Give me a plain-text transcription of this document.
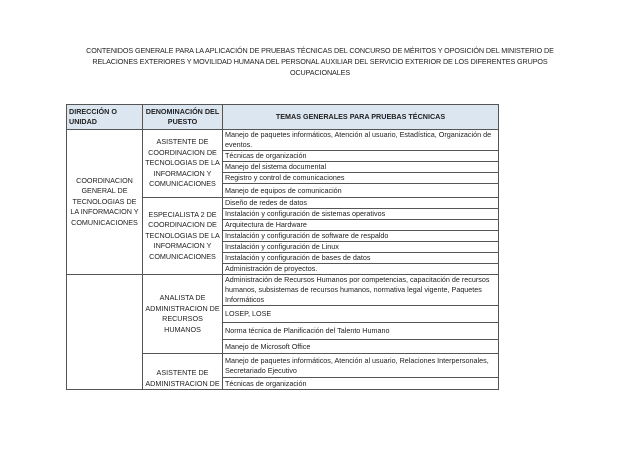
CONTENIDOS GENERALE PARA LA APLICACIÓN DE PRUEBAS TÉCNICAS DEL CONCURSO DE MÉRITOS Y OPOSICIÓN DEL MINISTERIO DE
RELACIONES EXTERIORES Y MOVILIDAD HUMANA DEL PERSONAL AUXILIAR DEL SERVICIO EXTERIOR DE LOS DIFERENTES GRUPOS
OCUPACIONALES
DIRECCIÓN O UNIDAD	DENOMINACIÓN DEL PUESTO	TEMAS GENERALES PARA PRUEBAS TÉCNICAS
COORDINACION GENERAL DE TECNOLOGIAS DE LA INFORMACION Y COMUNICACIONES	ASISTENTE DE COORDINACION DE TECNOLOGIAS DE LA INFORMACION Y COMUNICACIONES	Manejo de paquetes informáticos, Atención al usuario, Estadística, Organización de eventos.
		Técnicas de organización
		Manejo del sistema documental
		Registro y control de comunicaciones
		Manejo de equipos de comunicación
	ESPECIALISTA 2 DE COORDINACION DE TECNOLOGIAS DE LA INFORMACION Y COMUNICACIONES	Diseño de redes de datos
		Instalación y configuración de sistemas operativos
		Arquitectura de Hardware
		Instalación y configuración de software de respaldo
		Instalación y configuración de Linux
		Instalación y configuración de bases de datos
		Administración de proyectos.
	ANALISTA DE ADMINISTRACION DE RECURSOS HUMANOS	Administración de Recursos Humanos por competencias, capacitación de recursos humanos, subsistemas de recursos humanos, normativa legal vigente, Paquetes Informáticos
		LOSEP, LOSE
		Norma técnica de Planificación del Talento Humano
		Manejo de Microsoft Office
	ASISTENTE DE ADMINISTRACION DE	Manejo de paquetes informáticos, Atención al usuario, Relaciones Interpersonales, Secretariado Ejecutivo
		Técnicas de organización
